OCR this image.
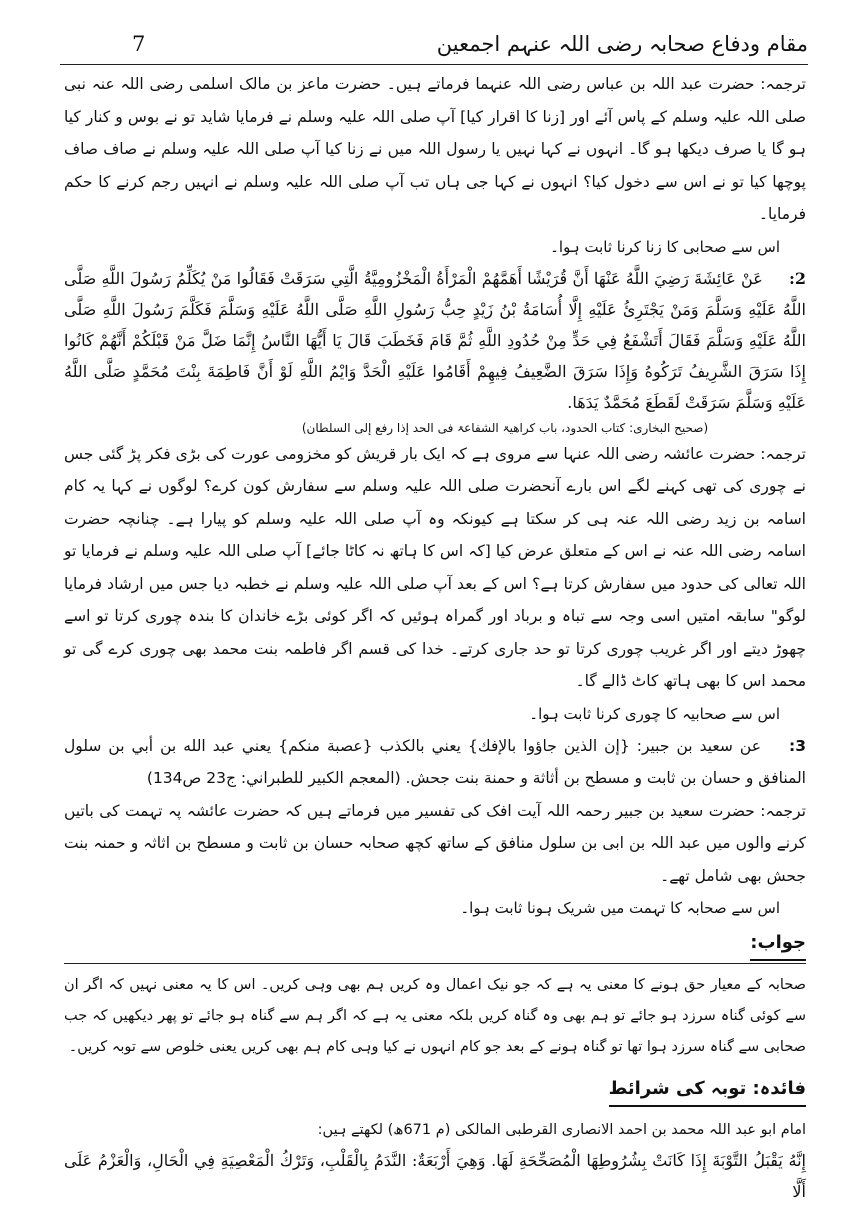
مقام ودفاع صحابہ رضی اللہ عنہم اجمعین
7

ترجمہ: حضرت عبد اللہ بن عباس رضی اللہ عنہما فرماتے ہیں۔ حضرت ماعز بن مالک اسلمی رضی اللہ عنہ نبی صلی اللہ علیہ وسلم کے پاس آئے اور [زنا کا اقرار کیا] آپ صلی اللہ علیہ وسلم نے فرمایا شاید تو نے بوس و کنار کیا ہو گا یا صرف دیکھا ہو گا۔ انہوں نے کہا نہیں یا رسول اللہ میں نے زنا کیا آپ صلی اللہ علیہ وسلم نے صاف صاف پوچھا کیا تو نے اس سے دخول کیا؟ انہوں نے کہا جی ہاں تب آپ صلی اللہ علیہ وسلم نے انہیں رجم کرنے کا حکم فرمایا۔

اس سے صحابی کا زنا کرنا ثابت ہوا۔

2: عَنْ عَائِشَةَ رَضِيَ اللَّهُ عَنْهَا أَنَّ قُرَيْشًا أَهَمَّهُمْ الْمَرْأَةُ الْمَخْزُومِيَّةُ الَّتِي سَرَقَتْ فَقَالُوا مَنْ يُكَلِّمُ رَسُولَ اللَّهِ صَلَّى اللَّهُ عَلَيْهِ وَسَلَّمَ وَمَنْ يَجْتَرِئُ عَلَيْهِ إِلَّا أُسَامَةُ بْنُ زَيْدٍ حِبُّ رَسُولِ اللَّهِ صَلَّى اللَّهُ عَلَيْهِ وَسَلَّمَ فَكَلَّمَ رَسُولَ اللَّهِ صَلَّى اللَّهُ عَلَيْهِ وَسَلَّمَ فَقَالَ أَتَشْفَعُ فِي حَدٍّ مِنْ حُدُودِ اللَّهِ ثُمَّ قَامَ فَخَطَبَ قَالَ يَا أَيُّهَا النَّاسُ إِنَّمَا ضَلَّ مَنْ قَبْلَكُمْ أَنَّهُمْ كَانُوا إِذَا سَرَقَ الشَّرِيفُ تَرَكُوهُ وَإِذَا سَرَقَ الضَّعِيفُ فِيهِمْ أَقَامُوا عَلَيْهِ الْحَدَّ وَايْمُ اللَّهِ لَوْ أَنَّ فَاطِمَةَ بِنْتَ مُحَمَّدٍ صَلَّى اللَّهُ عَلَيْهِ وَسَلَّمَ سَرَقَتْ لَقَطَعَ مُحَمَّدٌ يَدَهَا.

(صحیح البخاری: کتاب الحدود، باب کراھیۃ الشفاعۃ فی الحد إذا رفع إلی السلطان)

ترجمہ: حضرت عائشہ رضی اللہ عنہا سے مروی ہے کہ ایک بار قریش کو مخزومی عورت کی بڑی فکر پڑ گئی جس نے چوری کی تھی کہنے لگے اس بارے آنحضرت صلی اللہ علیہ وسلم سے سفارش کون کرے؟ لوگوں نے کہا یہ کام اسامہ بن زید رضی اللہ عنہ ہی کر سکتا ہے کیونکہ وہ آپ صلی اللہ علیہ وسلم کو پیارا ہے۔ چنانچہ حضرت اسامہ رضی اللہ عنہ نے اس کے متعلق عرض کیا [کہ اس کا ہاتھ نہ کاٹا جائے] آپ صلی اللہ علیہ وسلم نے فرمایا تو اللہ تعالی کی حدود میں سفارش کرتا ہے؟ اس کے بعد آپ صلی اللہ علیہ وسلم نے خطبہ دیا جس میں ارشاد فرمایا لوگو" سابقہ امتیں اسی وجہ سے تباہ و برباد اور گمراہ ہوئیں کہ اگر کوئی بڑے خاندان کا بندہ چوری کرتا تو اسے چھوڑ دیتے اور اگر غریب چوری کرتا تو حد جاری کرتے۔ خدا کی قسم اگر فاطمہ بنت محمد بھی چوری کرے گی تو محمد اس کا بھی ہاتھ کاٹ ڈالے گا۔

اس سے صحابیہ کا چوری کرنا ثابت ہوا۔

3: عن سعید بن جبیر: {إن الذین جاؤوا بالإفك} یعني بالكذب {عصبة منكم} یعني عبد الله بن أبي بن سلول المنافق و حسان بن ثابت و مسطح بن أثاثة و حمنة بنت جحش. (المعجم الكبير للطبراني: ج23 ص134)

ترجمہ: حضرت سعید بن جبیر رحمہ اللہ آیت افک کی تفسیر میں فرماتے ہیں کہ حضرت عائشہ پہ تہمت کی باتیں کرنے والوں میں عبد اللہ بن ابی بن سلول منافق کے ساتھ کچھ صحابہ حسان بن ثابت و مسطح بن اثاثہ و حمنہ بنت جحش بھی شامل تھے۔

اس سے صحابہ کا تہمت میں شریک ہونا ثابت ہوا۔

جواب:

صحابہ کے معیار حق ہونے کا معنی یہ ہے کہ جو نیک اعمال وہ کریں ہم بھی وہی کریں۔ اس کا یہ معنی نہیں کہ اگر ان سے کوئی گناہ سرزد ہو جائے تو ہم بھی وہ گناہ کریں بلکہ معنی یہ ہے کہ اگر ہم سے گناہ ہو جائے تو پھر دیکھیں کہ جب صحابی سے گناہ سرزد ہوا تھا تو گناہ ہونے کے بعد جو کام انہوں نے کیا وہی کام ہم بھی کریں یعنی خلوص سے توبہ کریں۔

فائدہ: توبہ کی شرائط

امام ابو عبد اللہ محمد بن احمد الانصاری القرطبی المالکی (م 671ھ) لکھتے ہیں:

إِنَّهُ يَقْبَلُ التَّوْبَةَ إِذَا كَانَتْ بِشُرُوطِهَا الْمُصَحِّحَةِ لَهَا. وَهِيَ أَرْبَعَةٌ: النَّدَمُ بِالْقَلْبِ، وَتَرْكُ الْمَعْصِيَةِ فِي الْحَالِ، وَالْعَزْمُ عَلَى أَلَّا
